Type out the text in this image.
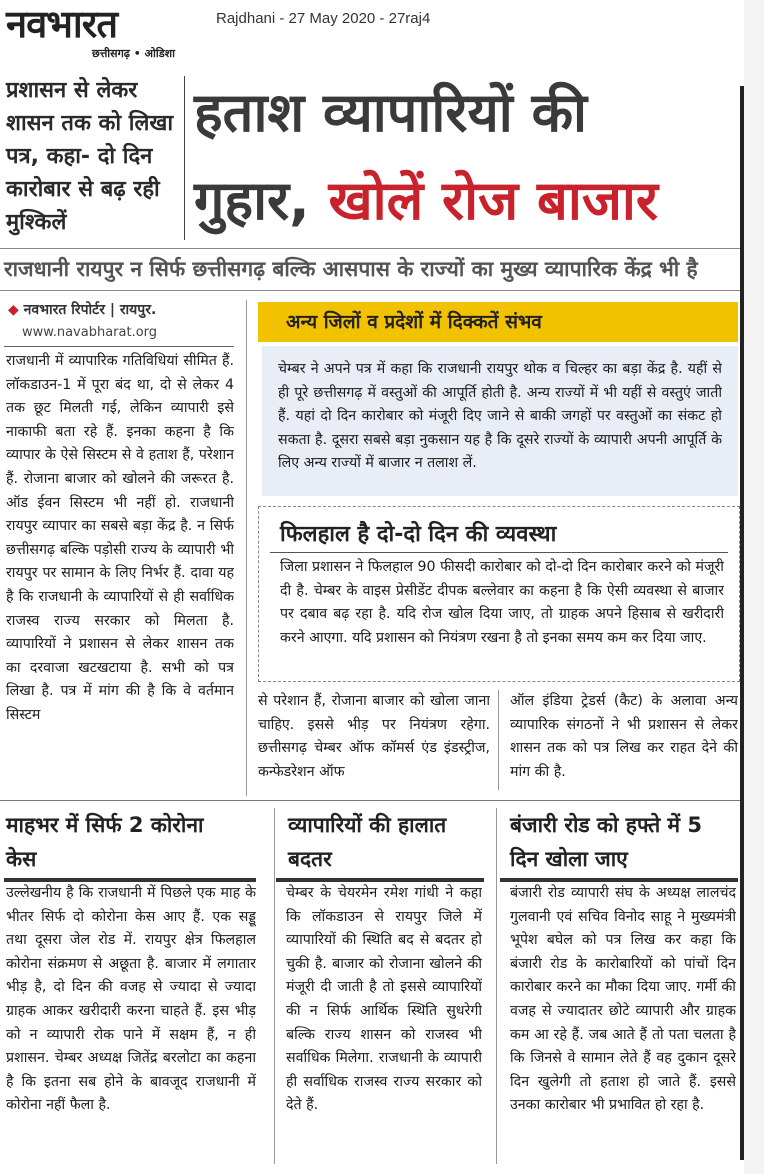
नवभारत
छत्तीसगढ़ • ओडिशा
Rajdhani - 27 May 2020 - 27raj4
प्रशासन से लेकर शासन तक को लिखा पत्र, कहा- दो दिन कारोबार से बढ़ रही मुश्किलें
हताश व्यापारियों की
गुहार, खोलें रोज बाजार
राजधानी रायपुर न सिर्फ छत्तीसगढ़ बल्कि आसपास के राज्यों का मुख्य व्यापारिक केंद्र भी है
◆ नवभारत रिपोर्टर | रायपुर.
www.navabharat.org
राजधानी में व्यापारिक गतिविधियां सीमित हैं. लॉकडाउन-1 में पूरा बंद था, दो से लेकर 4 तक छूट मिलती गई, लेकिन व्यापारी इसे नाकाफी बता रहे हैं. इनका कहना है कि व्यापार के ऐसे सिस्टम से वे हताश हैं, परेशान हैं. रोजाना बाजार को खोलने की जरूरत है. ऑड ईवन सिस्टम भी नहीं हो. राजधानी रायपुर व्यापार का सबसे बड़ा केंद्र है. न सिर्फ छत्तीसगढ़ बल्कि पड़ोसी राज्य के व्यापारी भी रायपुर पर सामान के लिए निर्भर हैं. दावा यह है कि राजधानी के व्यापारियों से ही सर्वाधिक राजस्व राज्य सरकार को मिलता है. व्यापारियों ने प्रशासन से लेकर शासन तक का दरवाजा खटखटाया है. सभी को पत्र लिखा है. पत्र में मांग की है कि वे वर्तमान सिस्टम
अन्य जिलों व प्रदेशों में दिक्कतें संभव
चेम्बर ने अपने पत्र में कहा कि राजधानी रायपुर थोक व चिल्हर का बड़ा केंद्र है. यहीं से ही पूरे छत्तीसगढ़ में वस्तुओं की आपूर्ति होती है. अन्य राज्यों में भी यहीं से वस्तुएं जाती हैं. यहां दो दिन कारोबार को मंजूरी दिए जाने से बाकी जगहों पर वस्तुओं का संकट हो सकता है. दूसरा सबसे बड़ा नुकसान यह है कि दूसरे राज्यों के व्यापारी अपनी आपूर्ति के लिए अन्य राज्यों में बाजार न तलाश लें.
फिलहाल है दो-दो दिन की व्यवस्था
जिला प्रशासन ने फिलहाल 90 फीसदी कारोबार को दो-दो दिन कारोबार करने को मंजूरी दी है. चेम्बर के वाइस प्रेसीडेंट दीपक बल्लेवार का कहना है कि ऐसी व्यवस्था से बाजार पर दबाव बढ़ रहा है. यदि रोज खोल दिया जाए, तो ग्राहक अपने हिसाब से खरीदारी करने आएगा. यदि प्रशासन को नियंत्रण रखना है तो इनका समय कम कर दिया जाए.
से परेशान हैं, रोजाना बाजार को खोला जाना चाहिए. इससे भीड़ पर नियंत्रण रहेगा. छत्तीसगढ़ चेम्बर ऑफ कॉमर्स एंड इंडस्ट्रीज, कन्फेडरेशन ऑफ
ऑल इंडिया ट्रेडर्स (कैट) के अलावा अन्य व्यापारिक संगठनों ने भी प्रशासन से लेकर शासन तक को पत्र लिख कर राहत देने की मांग की है.
माहभर में सिर्फ 2 कोरोना केस
उल्लेखनीय है कि राजधानी में पिछले एक माह के भीतर सिर्फ दो कोरोना केस आए हैं. एक सड्डू तथा दूसरा जेल रोड में. रायपुर क्षेत्र फिलहाल कोरोना संक्रमण से अछूता है. बाजार में लगातार भीड़ है, दो दिन की वजह से ज्यादा से ज्यादा ग्राहक आकर खरीदारी करना चाहते हैं. इस भीड़ को न व्यापारी रोक पाने में सक्षम हैं, न ही प्रशासन. चेम्बर अध्यक्ष जितेंद्र बरलोटा का कहना है कि इतना सब होने के बावजूद राजधानी में कोरोना नहीं फैला है.
व्यापारियों की हालात बदतर
चेम्बर के चेयरमेन रमेश गांधी ने कहा कि लॉकडाउन से रायपुर जिले में व्यापारियों की स्थिति बद से बदतर हो चुकी है. बाजार को रोजाना खोलने की मंजूरी दी जाती है तो इससे व्यापारियों की न सिर्फ आर्थिक स्थिति सुधरेगी बल्कि राज्य शासन को राजस्व भी सर्वाधिक मिलेगा. राजधानी के व्यापारी ही सर्वाधिक राजस्व राज्य सरकार को देते हैं.
बंजारी रोड को हफ्ते में 5 दिन खोला जाए
बंजारी रोड व्यापारी संघ के अध्यक्ष लालचंद गुलवानी एवं सचिव विनोद साहू ने मुख्यमंत्री भूपेश बघेल को पत्र लिख कर कहा कि बंजारी रोड के कारोबारियों को पांचों दिन कारोबार करने का मौका दिया जाए. गर्मी की वजह से ज्यादातर छोटे व्यापारी और ग्राहक कम आ रहे हैं. जब आते हैं तो पता चलता है कि जिनसे वे सामान लेते हैं वह दुकान दूसरे दिन खुलेगी तो हताश हो जाते हैं. इससे उनका कारोबार भी प्रभावित हो रहा है.
